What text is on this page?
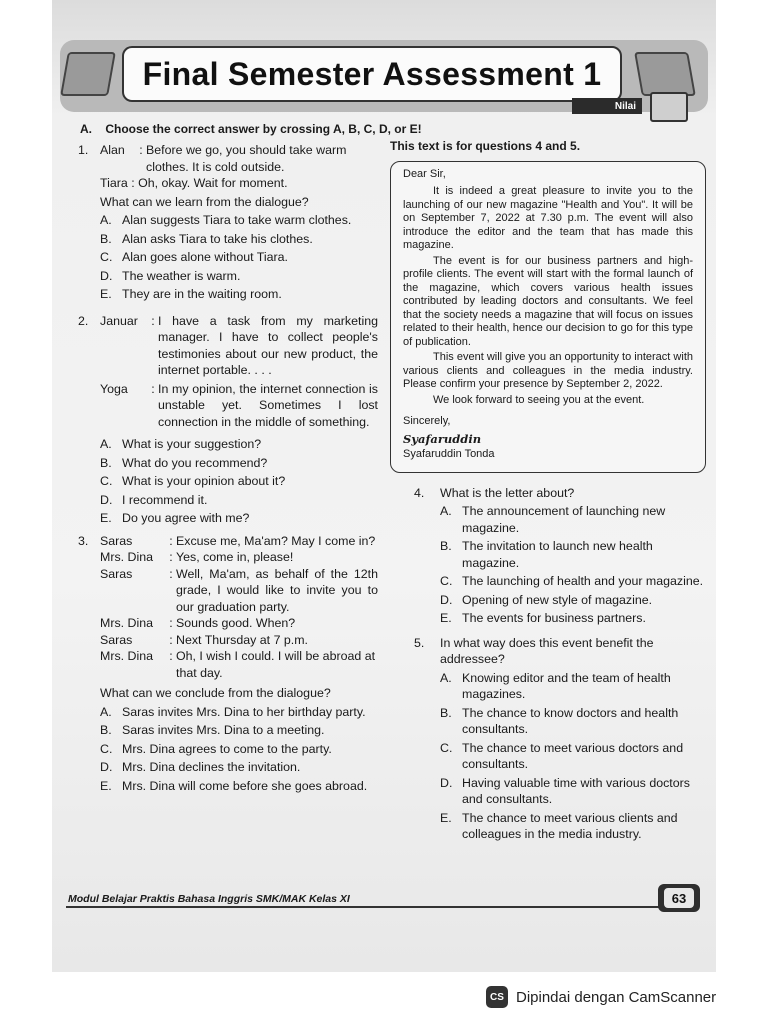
Final Semester Assessment 1
Nilai
A. Choose the correct answer by crossing A, B, C, D, or E!
1. Alan	: Before we go, you should take warm clothes. It is cold outside.
Tiara : Oh, okay. Wait for moment.
What can we learn from the dialogue?
A. Alan suggests Tiara to take warm clothes.
B. Alan asks Tiara to take his clothes.
C. Alan goes alone without Tiara.
D. The weather is warm.
E. They are in the waiting room.
2. Januar	: I have a task from my marketing manager. I have to collect people's testimonies about our new product, the internet portable. . . .
Yoga	: In my opinion, the internet connection is unstable yet. Sometimes I lost connection in the middle of something.
A. What is your suggestion?
B. What do you recommend?
C. What is your opinion about it?
D. I recommend it.
E. Do you agree with me?
3. Saras	: Excuse me, Ma'am? May I come in?
Mrs. Dina	: Yes, come in, please!
Saras	: Well, Ma'am, as behalf of the 12th grade, I would like to invite you to our graduation party.
Mrs. Dina	: Sounds good. When?
Saras	: Next Thursday at 7 p.m.
Mrs. Dina	: Oh, I wish I could. I will be abroad at that day.
What can we conclude from the dialogue?
A. Saras invites Mrs. Dina to her birthday party.
B. Saras invites Mrs. Dina to a meeting.
C. Mrs. Dina agrees to come to the party.
D. Mrs. Dina declines the invitation.
E. Mrs. Dina will come before she goes abroad.
This text is for questions 4 and 5.

Dear Sir,

It is indeed a great pleasure to invite you to the launching of our new magazine "Health and You". It will be on September 7, 2022 at 7.30 p.m. The event will also introduce the editor and the team that has made this magazine.

The event is for our business partners and high-profile clients. The event will start with the formal launch of the magazine, which covers various health issues contributed by leading doctors and consultants. We feel that the society needs a magazine that will focus on issues related to their health, hence our decision to go for this type of publication.

This event will give you an opportunity to interact with various clients and colleagues in the media industry. Please confirm your presence by September 2, 2022.

We look forward to seeing you at the event.

Sincerely,

Syafaruddin

Syafaruddin Tonda

4.	What is the letter about?
A. The announcement of launching new magazine.
B. The invitation to launch new health magazine.
C. The launching of health and your magazine.
D. Opening of new style of magazine.
E. The events for business partners.
5.	In what way does this event benefit the addressee?
A. Knowing editor and the team of health magazines.
B. The chance to know doctors and health consultants.
C. The chance to meet various doctors and consultants.
D. Having valuable time with various doctors and consultants.
E. The chance to meet various clients and colleagues in the media industry.
Modul Belajar Praktis Bahasa Inggris SMK/MAK Kelas XI	63
CS Dipindai dengan CamScanner
